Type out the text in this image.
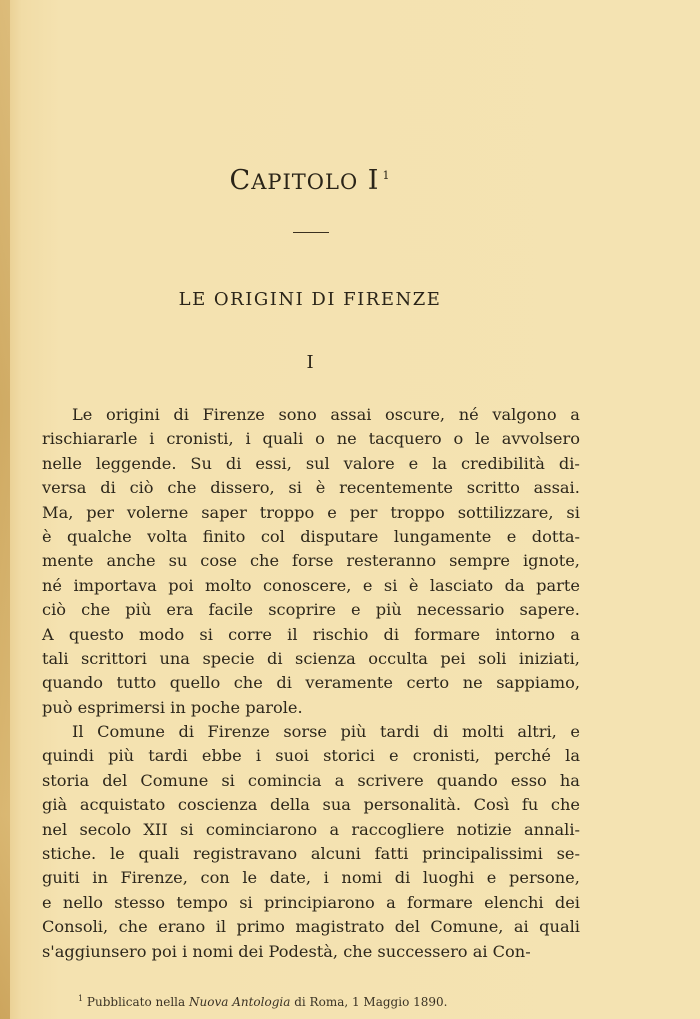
CAPITOLO I $^1$
LE ORIGINI DI FIRENZE
I
Le origini di Firenze sono assai oscure, né valgono a
rischiararle i cronisti, i quali o ne tacquero o le avvolsero
nelle leggende. Su di essi, sul valore e la credibilità di-
versa di ciò che dissero, si è recentemente scritto assai.
Ma, per volerne saper troppo e per troppo sottilizzare, si
è qualche volta finito col disputare lungamente e dotta-
mente anche su cose che forse resteranno sempre ignote,
né importava poi molto conoscere, e si è lasciato da parte
ciò che più era facile scoprire e più necessario sapere.
A questo modo si corre il rischio di formare intorno a
tali scrittori una specie di scienza occulta pei soli iniziati,
quando tutto quello che di veramente certo ne sappiamo,
può esprimersi in poche parole.
Il Comune di Firenze sorse più tardi di molti altri, e
quindi più tardi ebbe i suoi storici e cronisti, perché la
storia del Comune si comincia a scrivere quando esso ha
già acquistato coscienza della sua personalità. Così fu che
nel secolo XII si cominciarono a raccogliere notizie annali-
stiche. le quali registravano alcuni fatti principalissimi se-
guiti in Firenze, con le date, i nomi di luoghi e persone,
e nello stesso tempo si principiarono a formare elenchi dei
Consoli, che erano il primo magistrato del Comune, ai quali
s'aggiunsero poi i nomi dei Podestà, che successero ai Con-
$^1$ Pubblicato nella Nuova Antologia di Roma, 1 Maggio 1890.
